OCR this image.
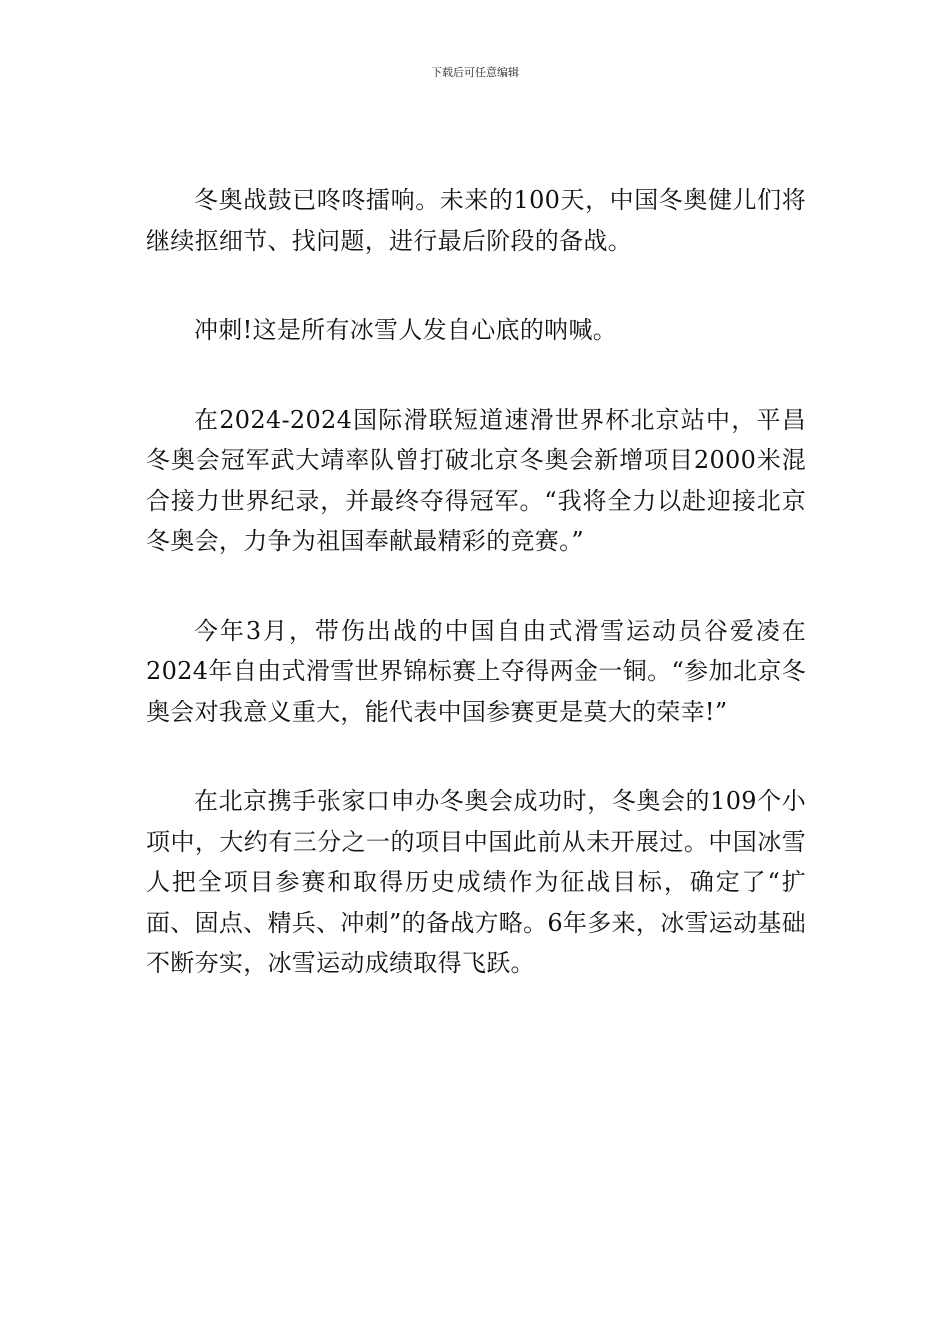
下载后可任意编辑

冬奥战鼓已咚咚擂响。未来的100天，中国冬奥健儿们将继续抠细节、找问题，进行最后阶段的备战。

冲刺!这是所有冰雪人发自心底的呐喊。

在2024-2024国际滑联短道速滑世界杯北京站中，平昌冬奥会冠军武大靖率队曾打破北京冬奥会新增项目2000米混合接力世界纪录，并最终夺得冠军。“我将全力以赴迎接北京冬奥会，力争为祖国奉献最精彩的竞赛。”

今年3月，带伤出战的中国自由式滑雪运动员谷爱凌在2024年自由式滑雪世界锦标赛上夺得两金一铜。“参加北京冬奥会对我意义重大，能代表中国参赛更是莫大的荣幸!”

在北京携手张家口申办冬奥会成功时，冬奥会的109个小项中，大约有三分之一的项目中国此前从未开展过。中国冰雪人把全项目参赛和取得历史成绩作为征战目标，确定了“扩面、固点、精兵、冲刺”的备战方略。6年多来，冰雪运动基础不断夯实，冰雪运动成绩取得飞跃。
